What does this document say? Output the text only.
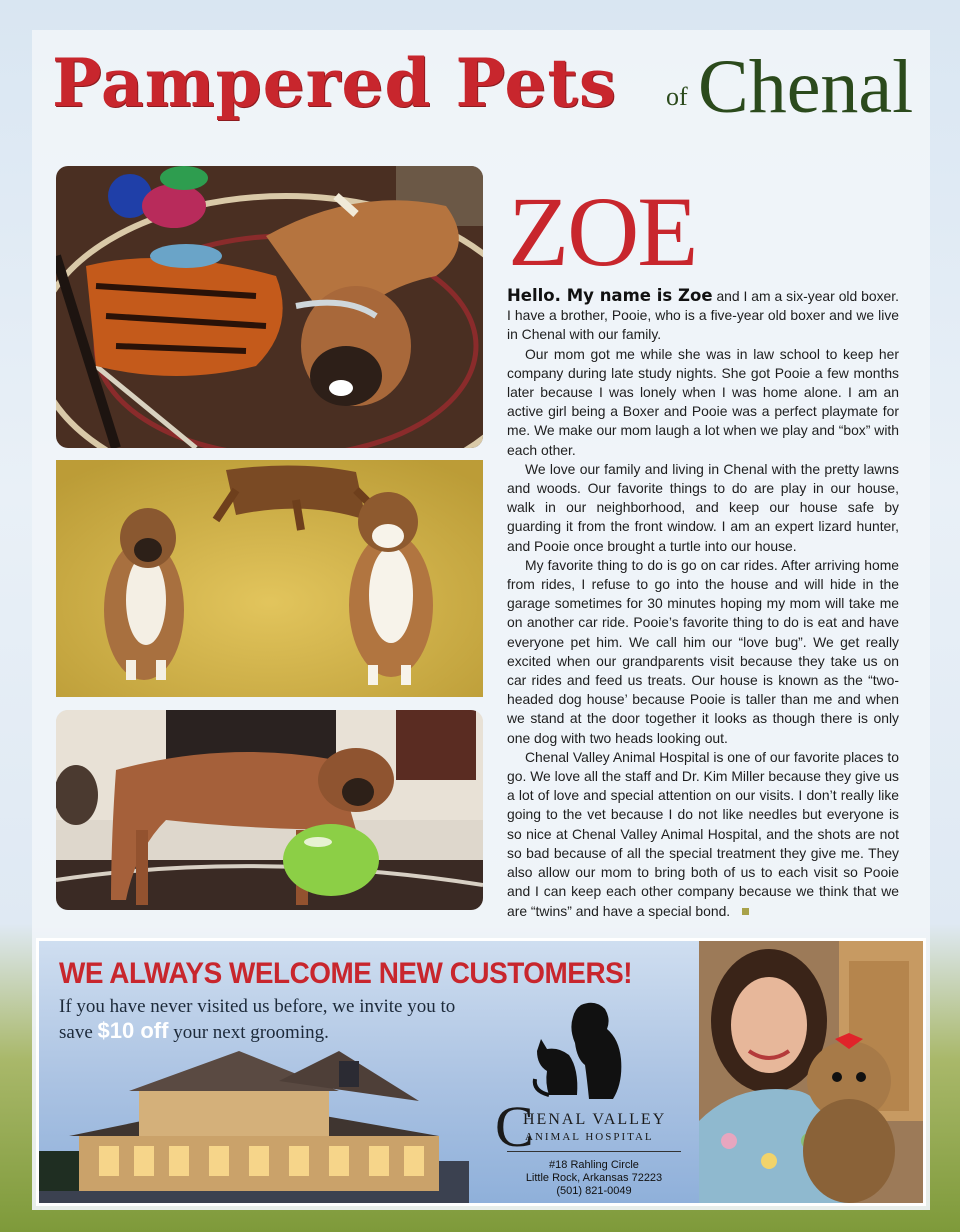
Pampered Pets of Chenal
ZOE

Hello. My name is Zoe and I am a six-year old boxer. I have a brother, Pooie, who is a five-year old boxer and we live in Chenal with our family.

Our mom got me while she was in law school to keep her company during late study nights. She got Pooie a few months later because I was lonely when I was home alone. I am an active girl being a Boxer and Pooie was a perfect playmate for me. We make our mom laugh a lot when we play and “box” with each other.

We love our family and living in Chenal with the pretty lawns and woods. Our favorite things to do are play in our house, walk in our neighborhood, and keep our house safe by guarding it from the front window. I am an expert lizard hunter, and Pooie once brought a turtle into our house.

My favorite thing to do is go on car rides. After arriving home from rides, I refuse to go into the house and will hide in the garage sometimes for 30 minutes hoping my mom will take me on another car ride. Pooie’s favorite thing to do is eat and have everyone pet him. We call him our “love bug”. We get really excited when our grandparents visit because they take us on car rides and feed us treats. Our house is known as the “two-headed dog house’ because Pooie is taller than me and when we stand at the door together it looks as though there is only one dog with two heads looking out.

Chenal Valley Animal Hospital is one of our favorite places to go. We love all the staff and Dr. Kim Miller because they give us a lot of love and special attention on our visits. I don’t really like going to the vet because I do not like needles but everyone is so nice at Chenal Valley Animal Hospital, and the shots are not so bad because of all the special treatment they give me. They also allow our mom to bring both of us to each visit so Pooie and I can keep each other company because we think that we are “twins” and have a special bond.

WE ALWAYS WELCOME NEW CUSTOMERS!
If you have never visited us before, we invite you to save $10 off your next grooming.
C
HENAL VALLEY
ANIMAL HOSPITAL
#18 Rahling Circle
Little Rock, Arkansas 72223
(501) 821-0049
